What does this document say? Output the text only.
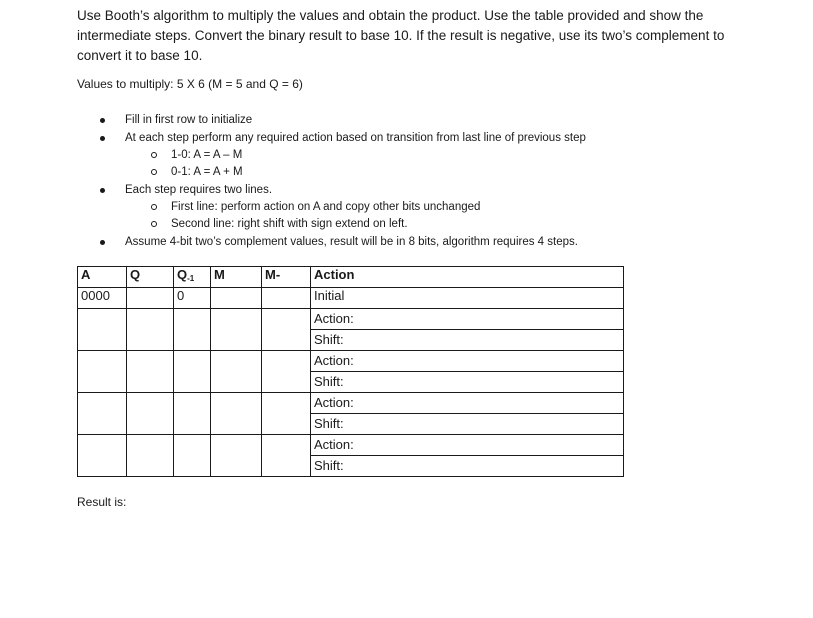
Use Booth’s algorithm to multiply the values and obtain the product. Use the table provided and show the intermediate steps. Convert the binary result to base 10. If the result is negative, use its two’s complement to convert it to base 10.

Values to multiply: 5 X 6 (M = 5 and Q = 6)

Fill in first row to initialize
At each step perform any required action based on transition from last line of previous step
1-0: A = A – M
0-1: A = A + M
Each step requires two lines.
First line: perform action on A and copy other bits unchanged
Second line: right shift with sign extend on left.
Assume 4-bit two’s complement values, result will be in 8 bits, algorithm requires 4 steps.
A	Q	Q-1	M	M-	Action
0000		0			Initial

					Action:
Shift:

					Action:
Shift:

					Action:
Shift:

					Action:
Shift:

Result is:
